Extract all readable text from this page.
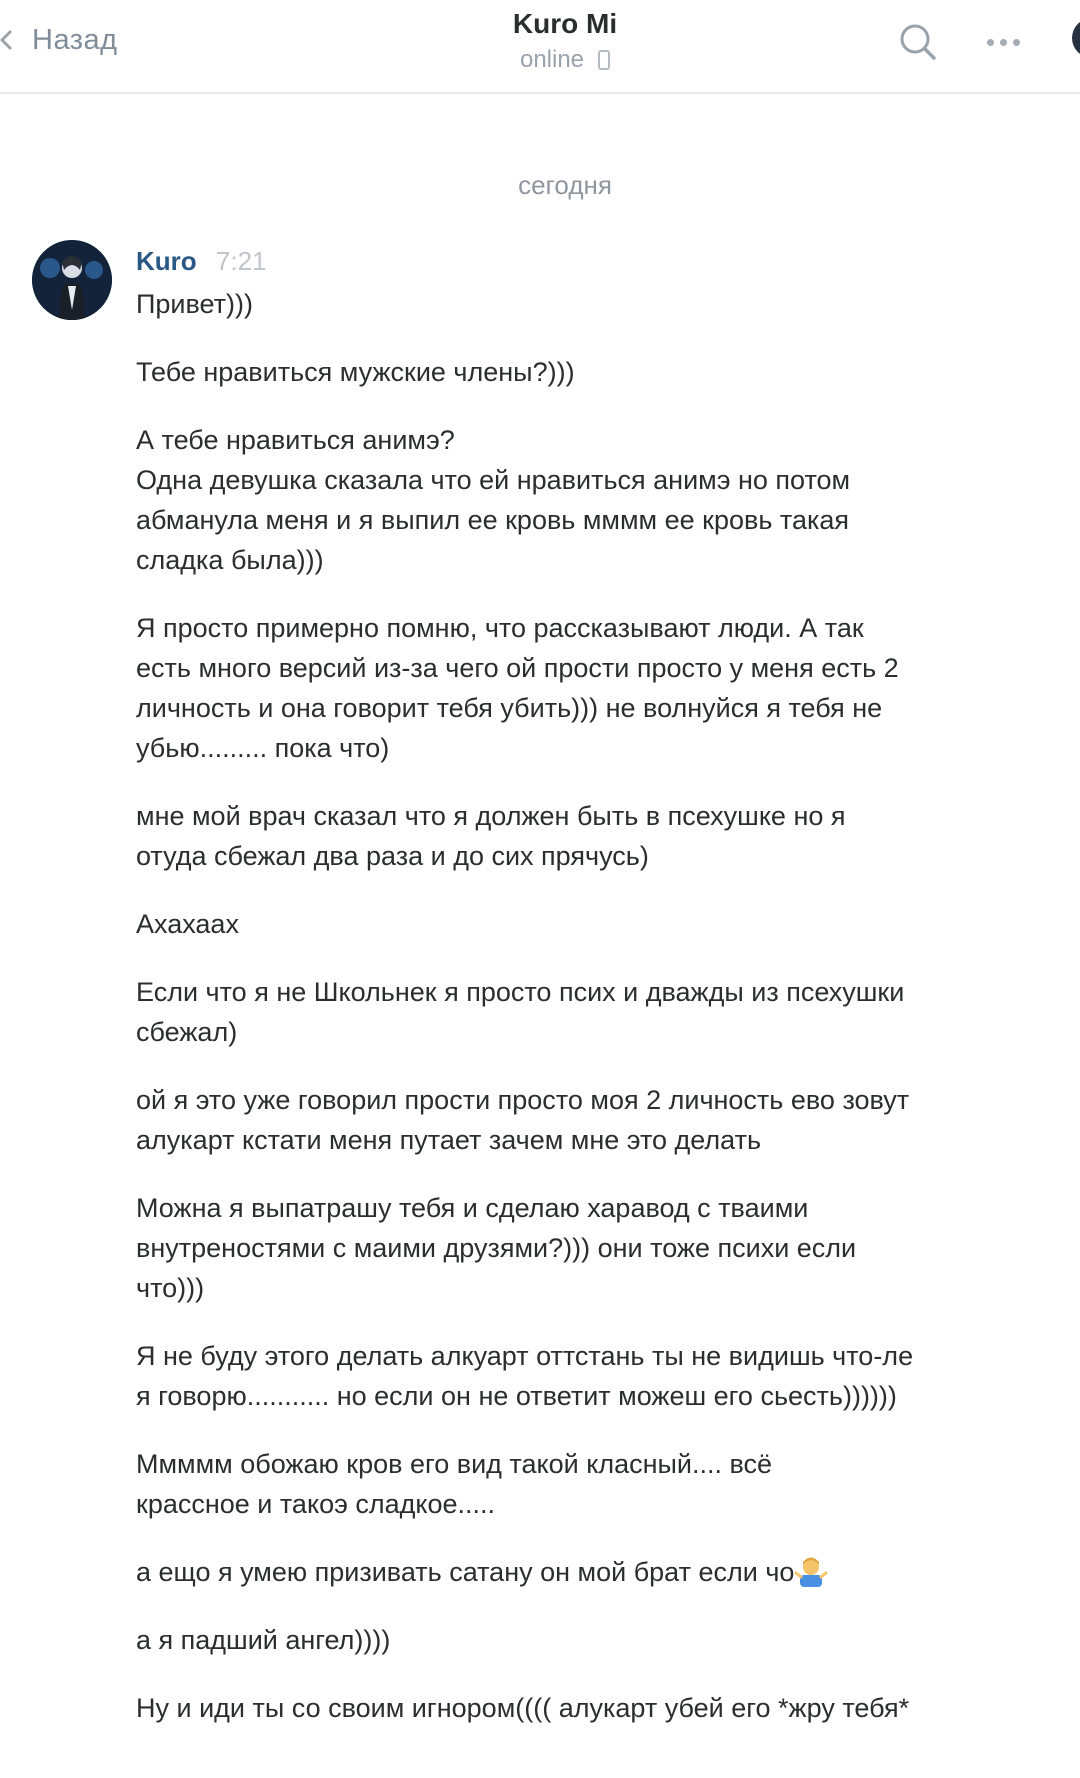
Назад	Kuro Mi
online
сегодня
Kuro 7:21

Привет)))

Тебе нравиться мужские члены?)))

А тебе нравиться анимэ?
Одна девушка сказала что ей нравиться анимэ но потом
абманула меня и я выпил ее кровь мммм ее кровь такая
сладка была)))

Я просто примерно помню, что рассказывают люди. А так
есть много версий из-за чего ой прости просто у меня есть 2
личность и она говорит тебя убить))) не волнуйся я тебя не
убью......... пока что)

мне мой врач сказал что я должен быть в псехушке но я
отуда сбежал два раза и до сих прячусь)

Ахахаах

Если что я не Школьнек я просто псих и дважды из псехушки
сбежал)

ой я это уже говорил прости просто моя 2 личность ево зовут
алукарт кстати меня путает зачем мне это делать

Можна я выпатрашу тебя и сделаю харавод с тваими
внутреностями с маими друзями?))) они тоже психи если
что)))

Я не буду этого делать алкуарт оттстань ты не видишь что-ле
я говорю........... но если он не ответит можеш его сьесть))))))

Ммммм обожаю кров его вид такой класный.... всё
крассное и такоэ сладкое.....

а ещо я умею призивать сатану он мой брат если чо

а я падший ангел))))

Ну и иди ты со своим игнором(((( алукарт убей его *жру тебя*
